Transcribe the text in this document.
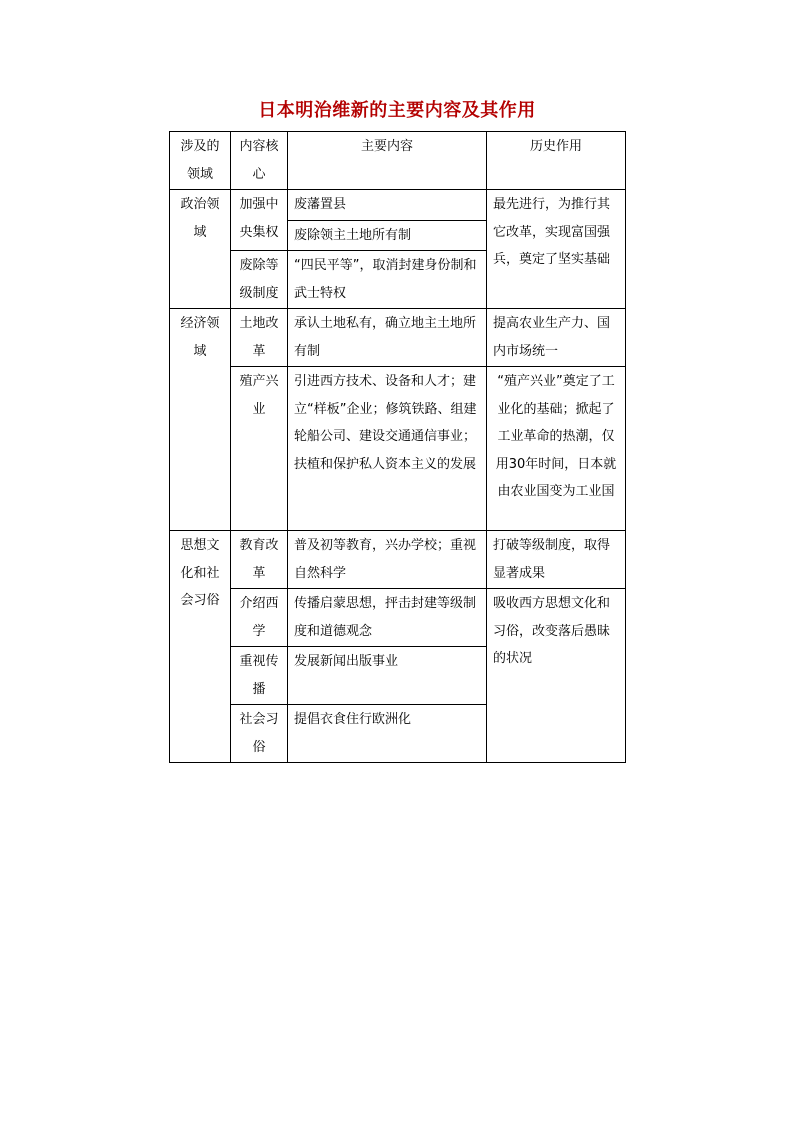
日本明治维新的主要内容及其作用
涉及的领域	内容核心	主要内容	历史作用
政治领域	加强中央集权	废藩置县	最先进行，为推行其它改革，实现富国强兵，奠定了坚实基础
		废除领主土地所有制	
	废除等级制度	“四民平等”，取消封建身份制和武士特权	
经济领域	土地改革	承认土地私有，确立地主土地所有制	提高农业生产力、国内市场统一
	殖产兴业	引进西方技术、设备和人才；建立“样板”企业；修筑铁路、组建轮船公司、建设交通通信事业；扶植和保护私人资本主义的发展	“殖产兴业”奠定了工业化的基础；掀起了工业革命的热潮，仅用30年时间，日本就由农业国变为工业国
思想文化和社会习俗	教育改革	普及初等教育，兴办学校；重视自然科学	打破等级制度，取得显著成果
	介绍西学	传播启蒙思想，抨击封建等级制度和道德观念	吸收西方思想文化和习俗，改变落后愚昧的状况
	重视传播	发展新闻出版事业	
	社会习俗	提倡衣食住行欧洲化	
